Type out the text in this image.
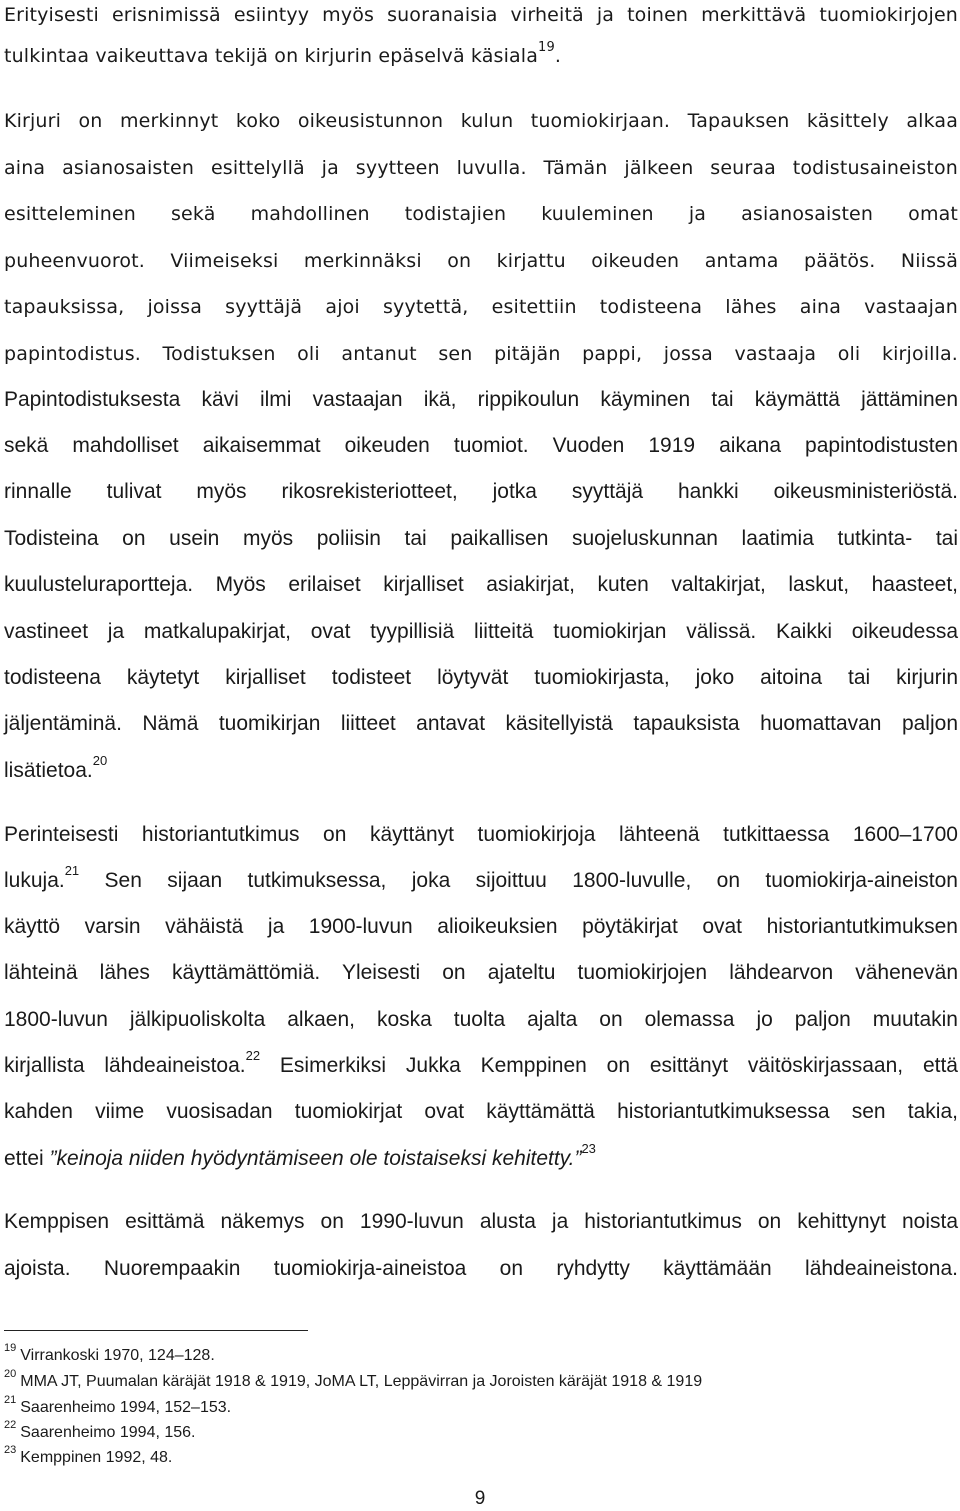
Erityisesti erisnimissä esiintyy myös suoranaisia virheitä ja toinen merkittävä tuomiokirjojen
tulkintaa vaikeuttava tekijä on kirjurin epäselvä käsiala$^{19}$.
Kirjuri on merkinnyt koko oikeusistunnon kulun tuomiokirjaan. Tapauksen käsittely alkaa
aina asianosaisten esittelyllä ja syytteen luvulla. Tämän jälkeen seuraa todistusaineiston
esitteleminen sekä mahdollinen todistajien kuuleminen ja asianosaisten omat
puheenvuorot. Viimeiseksi merkinnäksi on kirjattu oikeuden antama päätös. Niissä
tapauksissa, joissa syyttäjä ajoi syytettä, esitettiin todisteena lähes aina vastaajan
papintodistus. Todistuksen oli antanut sen pitäjän pappi, jossa vastaaja oli kirjoilla.
Papintodistuksesta kävi ilmi vastaajan ikä, rippikoulun käyminen tai käymättä jättäminen
sekä mahdolliset aikaisemmat oikeuden tuomiot. Vuoden 1919 aikana papintodistusten
rinnalle tulivat myös rikosrekisteriotteet, jotka syyttäjä hankki oikeusministeriöstä.
Todisteina on usein myös poliisin tai paikallisen suojeluskunnan laatimia tutkinta- tai
kuulusteluraportteja. Myös erilaiset kirjalliset asiakirjat, kuten valtakirjat, laskut, haasteet,
vastineet ja matkalupakirjat, ovat tyypillisiä liitteitä tuomiokirjan välissä. Kaikki oikeudessa
todisteena käytetyt kirjalliset todisteet löytyvät tuomiokirjasta, joko aitoina tai kirjurin
jäljentäminä. Nämä tuomikirjan liitteet antavat käsitellyistä tapauksista huomattavan paljon
lisätietoa.$^{20}$
Perinteisesti historiantutkimus on käyttänyt tuomiokirjoja lähteenä tutkittaessa 1600–1700
lukuja.$^{21}$ Sen sijaan tutkimuksessa, joka sijoittuu 1800-luvulle, on tuomiokirja-aineiston
käyttö varsin vähäistä ja 1900-luvun alioikeuksien pöytäkirjat ovat historiantutkimuksen
lähteinä lähes käyttämättömiä. Yleisesti on ajateltu tuomiokirjojen lähdearvon vähenevän
1800-luvun jälkipuoliskolta alkaen, koska tuolta ajalta on olemassa jo paljon muutakin
kirjallista lähdeaineistoa.$^{22}$ Esimerkiksi Jukka Kemppinen on esittänyt väitöskirjassaan, että
kahden viime vuosisadan tuomiokirjat ovat käyttämättä historiantutkimuksessa sen takia,
ettei ”keinoja niiden hyödyntämiseen ole toistaiseksi kehitetty.”$^{23}$
Kemppisen esittämä näkemys on 1990-luvun alusta ja historiantutkimus on kehittynyt noista
ajoista. Nuorempaakin tuomiokirja-aineistoa on ryhdytty käyttämään lähdeaineistona.
$^{19}$ Virrankoski 1970, 124–128.
$^{20}$ MMA JT, Puumalan käräjät 1918 & 1919, JoMA LT, Leppävirran ja Joroisten käräjät 1918 & 1919
$^{21}$ Saarenheimo 1994, 152–153.
$^{22}$ Saarenheimo 1994, 156.
$^{23}$ Kemppinen 1992, 48.
9
